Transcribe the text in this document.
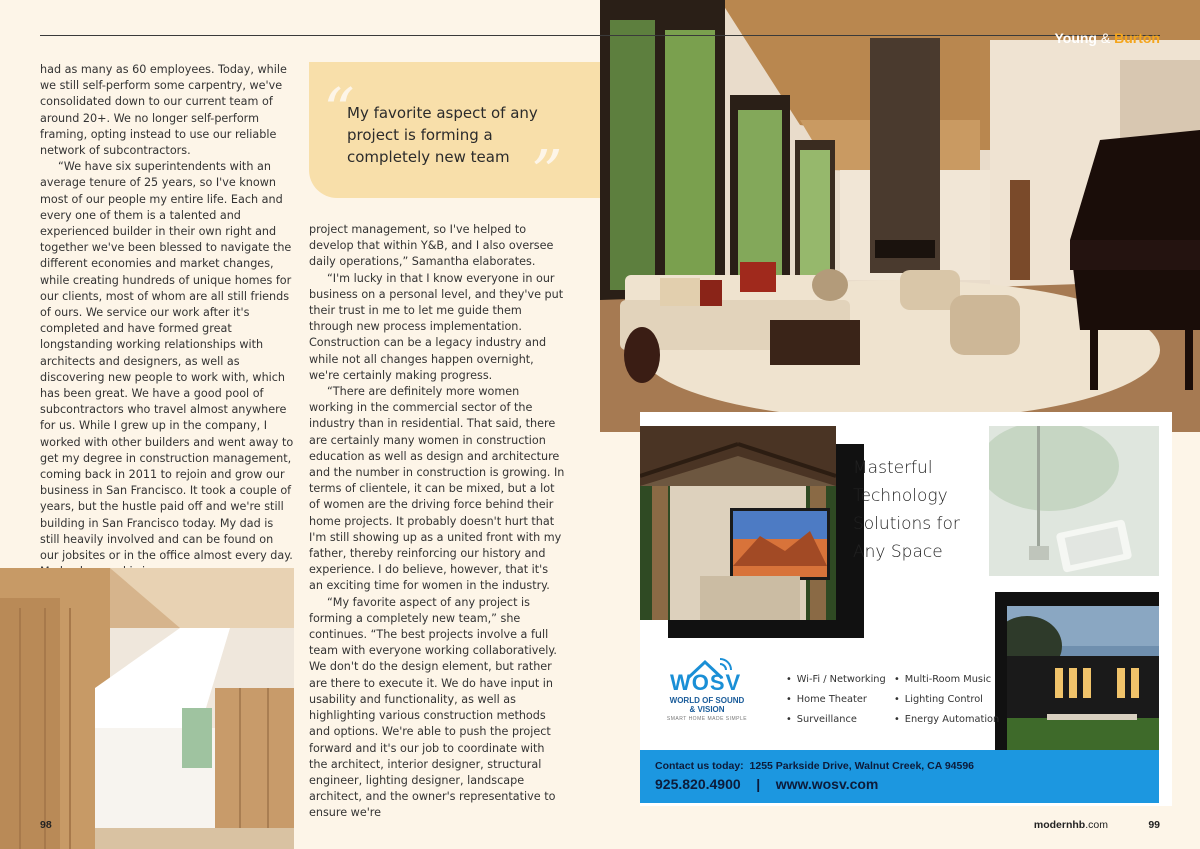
had as many as 60 employees. Today, while we still self-perform some carpentry, we've consolidated down to our current team of around 20+. We no longer self-perform framing, opting instead to use our reliable network of subcontractors.

“We have six superintendents with an average tenure of 25 years, so I've known most of our people my entire life. Each and every one of them is a talented and experienced builder in their own right and together we've been blessed to navigate the different economies and market changes, while creating hundreds of unique homes for our clients, most of whom are all still friends of ours. We service our work after it's completed and have formed great longstanding working relationships with architects and designers, as well as discovering new people to work with, which has been great. We have a good pool of subcontractors who travel almost anywhere for us. While I grew up in the company, I worked with other builders and went away to get my degree in construction management, coming back in 2011 to rejoin and grow our business in San Francisco. It took a couple of years, but the hustle paid off and we're still building in San Francisco today. My dad is still heavily involved and can be found on our jobsites or in the office almost every day.

“
My favorite aspect of any project is forming a completely new team ”

project management, so I've helped to develop that within Y&B, and I also oversee daily operations,” Samantha elaborates.

“I'm lucky in that I know everyone in our business on a personal level, and they've put their trust in me to let me guide them through new process implementation. Construction can be a legacy industry and while not all changes happen overnight, we're certainly making progress.

“There are definitely more women working in the commercial sector of the industry than in residential. That said, there are certainly many women in construction education as well as design and architecture and the number in construction is growing. In terms of clientele, it can be mixed, but a lot of women are the driving force behind their home projects. It probably doesn't hurt that I'm still showing up as a united front with my father, thereby reinforcing our history and experience. I do believe, however, that it's an exciting time for women in the industry.

“My favorite aspect of any project is forming a completely new team,” she continues. “The best projects involve a full team with everyone working collaboratively. We don't do the design element, but rather are there to execute it. We do have input in usability and functionality, as well as highlighting various construction methods and options. We're able to push the project forward and it's our job to coordinate with the architect, interior designer, structural engineer, lighting designer, landscape architect, and the owner's representative to ensure we're

98
Young & Burton
Masterful Technology Solutions for Any Space
WOSV
WORLD OF SOUND
& VISION
SMART HOME MADE SIMPLE
• Wi-Fi / Networking
• Home Theater
• Surveillance
• Multi-Room Music
• Lighting Control
• Energy Automation
Contact us today: 1255 Parkside Drive, Walnut Creek, CA 94596
925.820.4900 | www.wosv.com
modernhb.com	99
